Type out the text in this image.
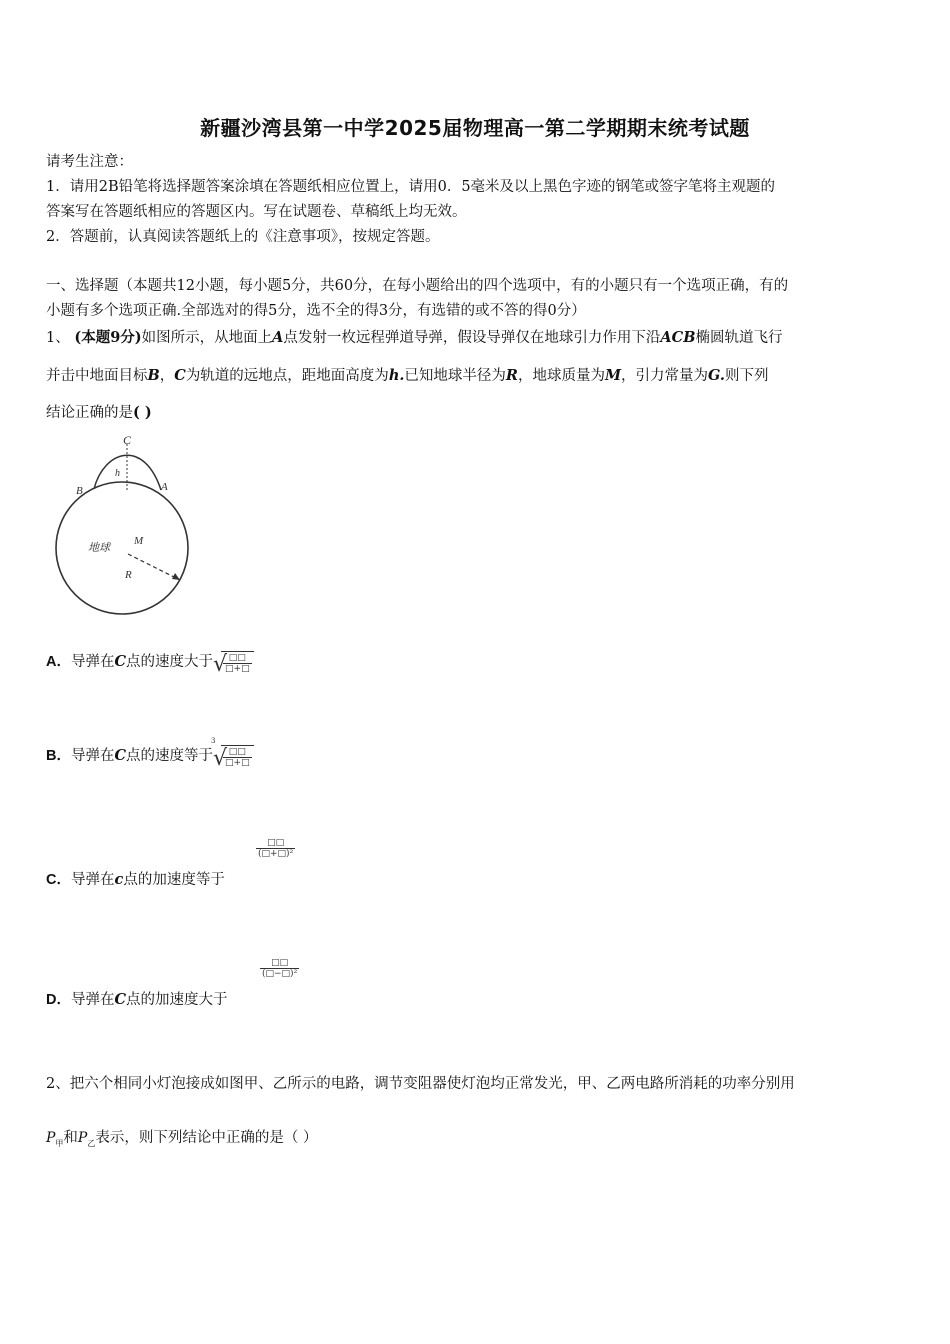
新疆沙湾县第一中学2025届物理高一第二学期期末统考试题
请考生注意：
1．请用2B铅笔将选择题答案涂填在答题纸相应位置上，请用0．5毫米及以上黑色字迹的钢笔或签字笔将主观题的
答案写在答题纸相应的答题区内。写在试题卷、草稿纸上均无效。
2．答题前，认真阅读答题纸上的《注意事项》，按规定答题。
一、选择题（本题共12小题，每小题5分，共60分，在每小题给出的四个选项中，有的小题只有一个选项正确，有的
小题有多个选项正确.全部选对的得5分，选不全的得3分，有选错的或不答的得0分）
1、 (本题9分)如图所示，从地面上A点发射一枚远程弹道导弹，假设导弹仅在地球引力作用下沿ACB椭圆轨道飞行
并击中地面目标B，C为轨道的远地点，距地面高度为h.已知地球半径为R，地球质量为M，引力常量为G.则下列
结论正确的是( )
C
h
B	A
地球 M
R
A．导弹在C点的速度大于 √
$\frac{□□}{□+□}$
B．导弹在C点的速度等于
3
√
$\frac{□□}{□+□}$
C．导弹在c点的加速度等于
$\frac{□□}{\text{(□+□)²}}$
D．导弹在C点的加速度大于
$\frac{□□}{\text{(□−□)²}}$
2、把六个相同小灯泡接成如图甲、乙所示的电路，调节变阻器使灯泡均正常发光，甲、乙两电路所消耗的功率分别用
$P_甲$和$P_乙$表示，则下列结论中正确的是（ ）
